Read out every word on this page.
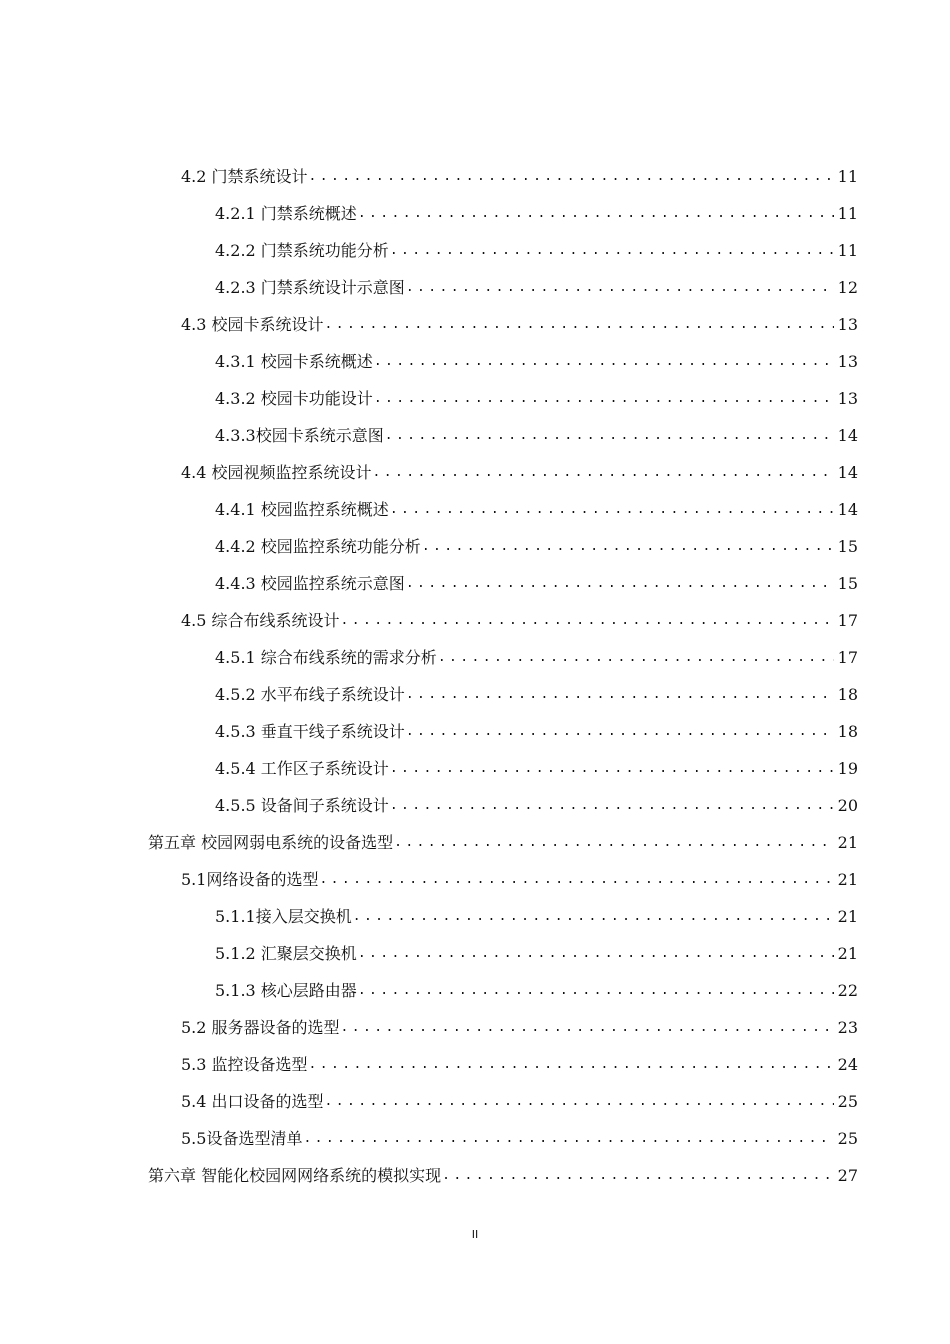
4.2 门禁系统设计 .....	11
4.2.1 门禁系统概述 .....	11
4.2.2 门禁系统功能分析 .....	11
4.2.3 门禁系统设计示意图 .....	12
4.3 校园卡系统设计 .....	13
4.3.1 校园卡系统概述 .....	13
4.3.2 校园卡功能设计 .....	13
4.3.3校园卡系统示意图 .....	14
4.4 校园视频监控系统设计 .....	14
4.4.1 校园监控系统概述 .....	14
4.4.2 校园监控系统功能分析 .....	15
4.4.3 校园监控系统示意图 .....	15
4.5 综合布线系统设计 .....	17
4.5.1 综合布线系统的需求分析 .....	17
4.5.2 水平布线子系统设计 .....	18
4.5.3 垂直干线子系统设计 .....	18
4.5.4 工作区子系统设计 .....	19
4.5.5 设备间子系统设计 .....	20
第五章 校园网弱电系统的设备选型 .....	21
5.1网络设备的选型 .....	21
5.1.1接入层交换机 .....	21
5.1.2 汇聚层交换机 .....	21
5.1.3 核心层路由器 .....	22
5.2 服务器设备的选型 .....	23
5.3 监控设备选型 .....	24
5.4 出口设备的选型 .....	25
5.5设备选型清单 .....	25
第六章 智能化校园网网络系统的模拟实现 .....	27
II
